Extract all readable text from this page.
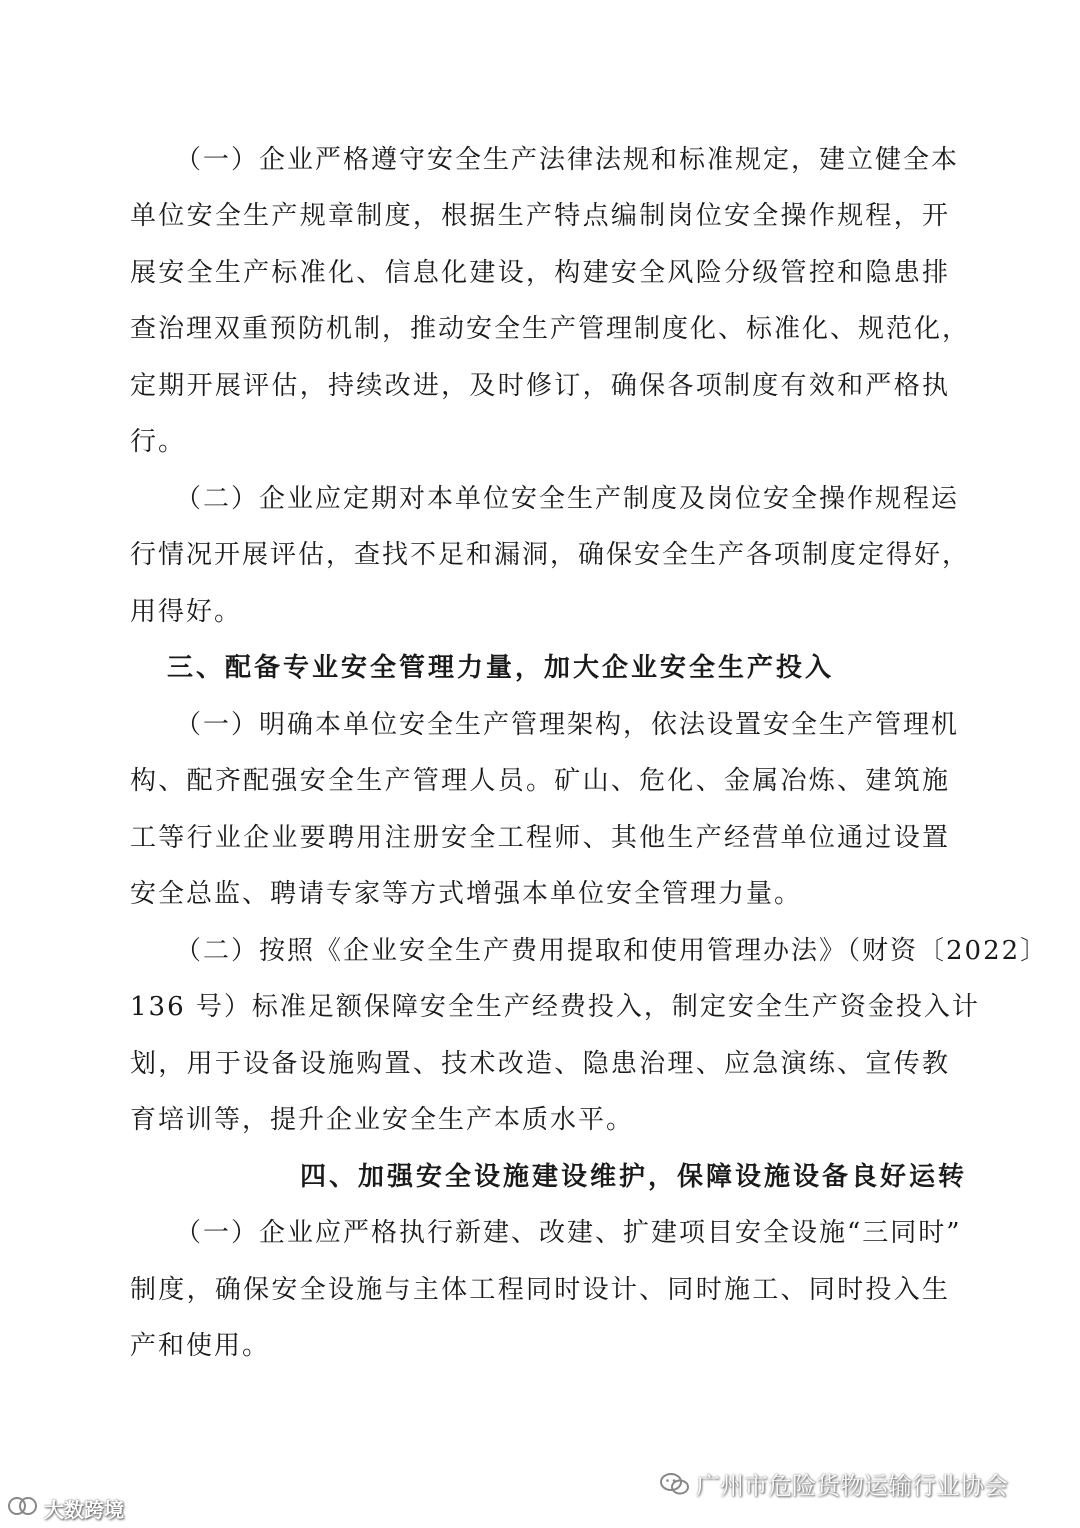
（一）企业严格遵守安全生产法律法规和标准规定，建立健全本
单位安全生产规章制度，根据生产特点编制岗位安全操作规程，开
展安全生产标准化、信息化建设，构建安全风险分级管控和隐患排
查治理双重预防机制，推动安全生产管理制度化、标准化、规范化，
定期开展评估，持续改进，及时修订，确保各项制度有效和严格执
行。
（二）企业应定期对本单位安全生产制度及岗位安全操作规程运
行情况开展评估，查找不足和漏洞，确保安全生产各项制度定得好，
用得好。
三、配备专业安全管理力量，加大企业安全生产投入
（一）明确本单位安全生产管理架构，依法设置安全生产管理机
构、配齐配强安全生产管理人员。矿山、危化、金属冶炼、建筑施
工等行业企业要聘用注册安全工程师、其他生产经营单位通过设置
安全总监、聘请专家等方式增强本单位安全管理力量。
（二）按照《企业安全生产费用提取和使用管理办法》（财资〔2022〕
136 号）标准足额保障安全生产经费投入，制定安全生产资金投入计
划，用于设备设施购置、技术改造、隐患治理、应急演练、宣传教
育培训等，提升企业安全生产本质水平。
四、加强安全设施建设维护，保障设施设备良好运转
（一）企业应严格执行新建、改建、扩建项目安全设施“三同时”
制度，确保安全设施与主体工程同时设计、同时施工、同时投入生
产和使用。
广州市危险货物运输行业协会
大数跨境
